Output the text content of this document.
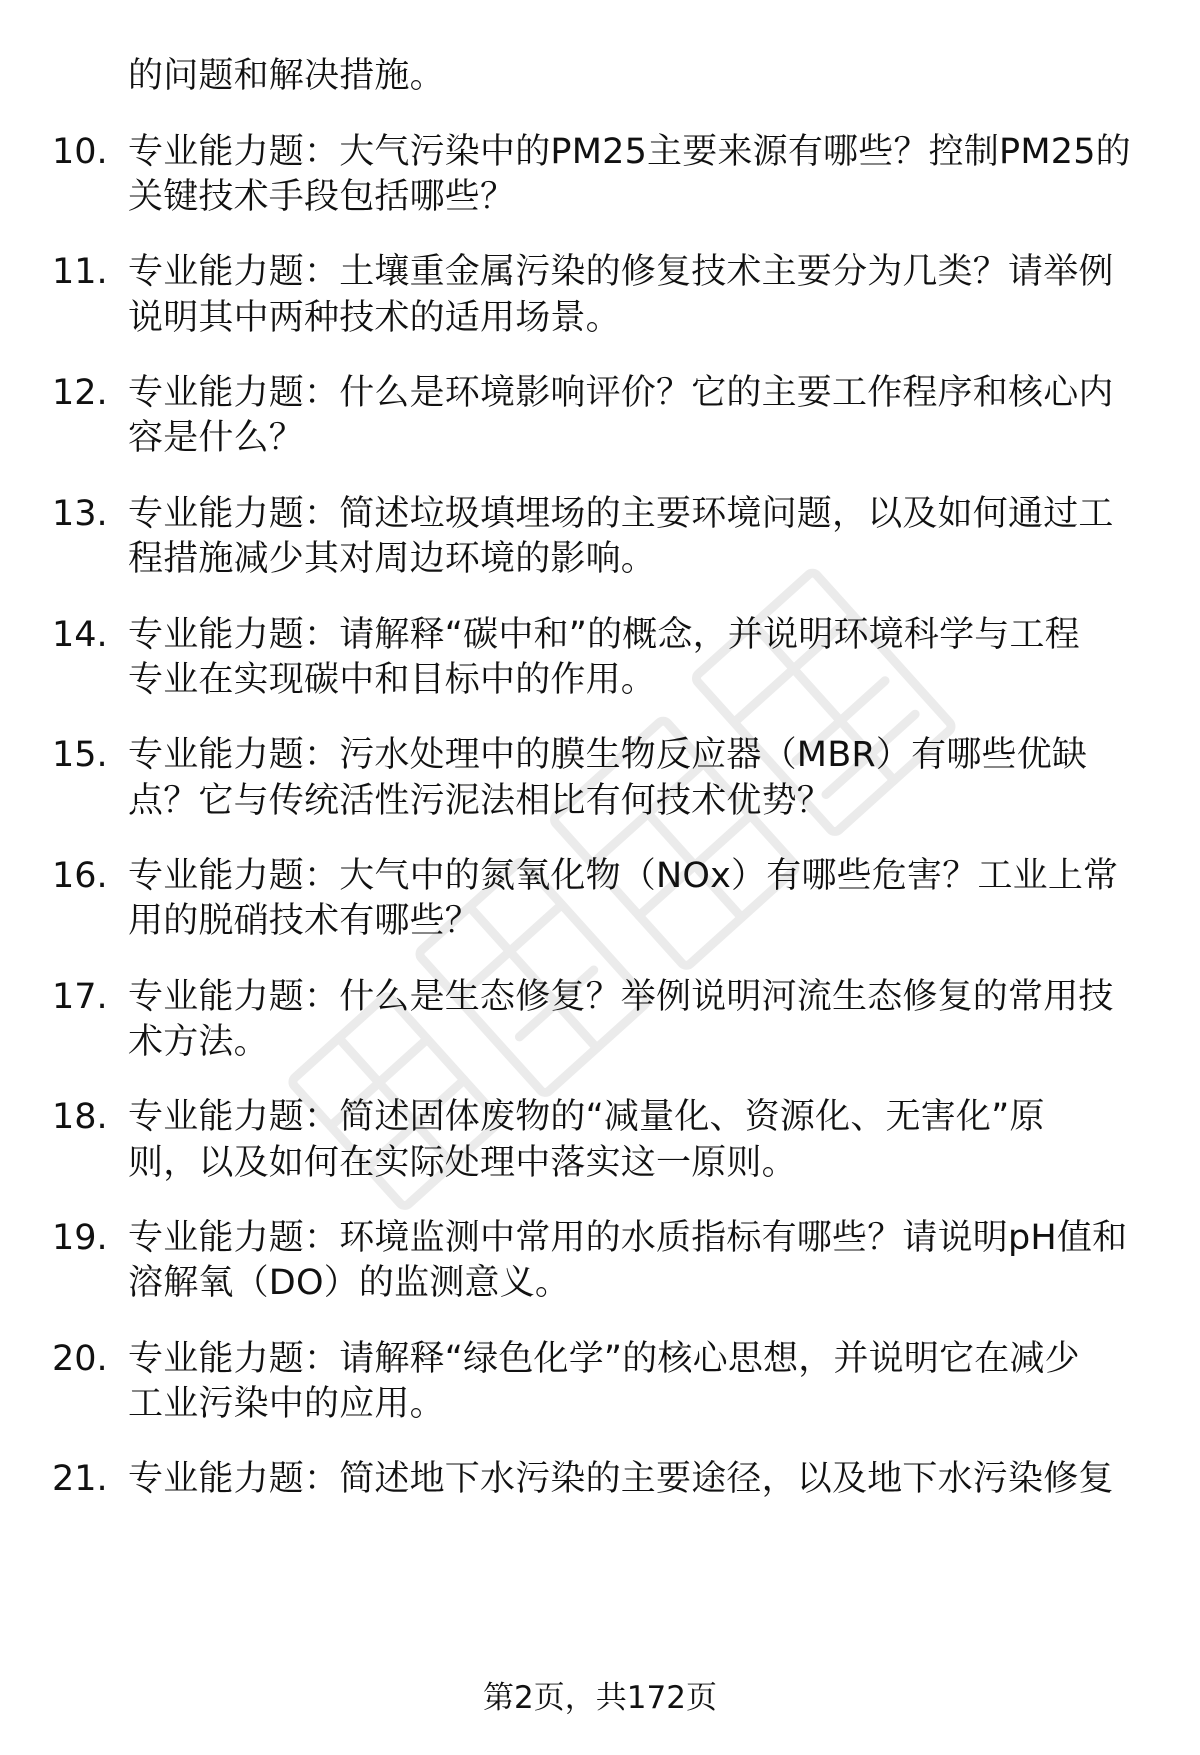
的问题和解决措施。
10. 专业能力题：大气污染中的PM25主要来源有哪些？控制PM25的
关键技术手段包括哪些？
11. 专业能力题：土壤重金属污染的修复技术主要分为几类？请举例
说明其中两种技术的适用场景。
12. 专业能力题：什么是环境影响评价？它的主要工作程序和核心内
容是什么？
13. 专业能力题：简述垃圾填埋场的主要环境问题，以及如何通过工
程措施减少其对周边环境的影响。
14. 专业能力题：请解释“碳中和”的概念，并说明环境科学与工程
专业在实现碳中和目标中的作用。
15. 专业能力题：污水处理中的膜生物反应器（MBR）有哪些优缺
点？它与传统活性污泥法相比有何技术优势？
16. 专业能力题：大气中的氮氧化物（NOx）有哪些危害？工业上常
用的脱硝技术有哪些？
17. 专业能力题：什么是生态修复？举例说明河流生态修复的常用技
术方法。
18. 专业能力题：简述固体废物的“减量化、资源化、无害化”原
则，以及如何在实际处理中落实这一原则。
19. 专业能力题：环境监测中常用的水质指标有哪些？请说明pH值和
溶解氧（DO）的监测意义。
20. 专业能力题：请解释“绿色化学”的核心思想，并说明它在减少
工业污染中的应用。
21. 专业能力题：简述地下水污染的主要途径，以及地下水污染修复
第2页，共172页
